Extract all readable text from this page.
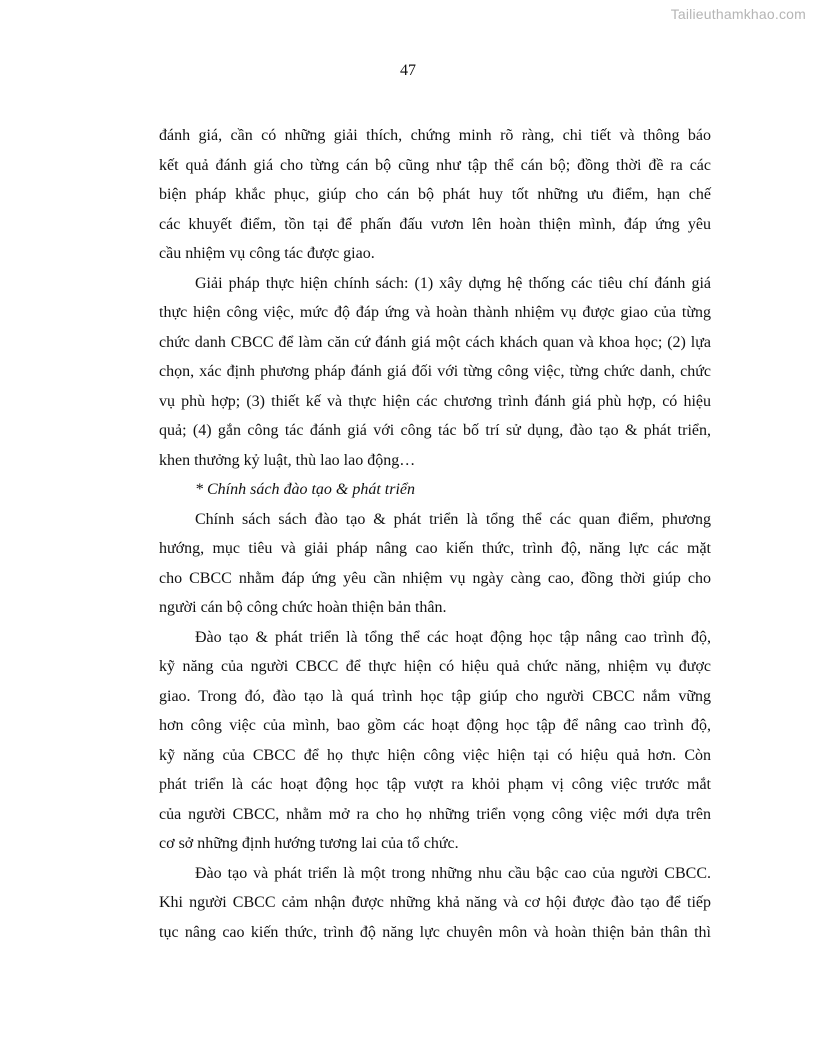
Tailieuthamkhao.com
47

đánh giá, cần có những giải thích, chứng minh rõ ràng, chi tiết và thông báo
kết quả đánh giá cho từng cán bộ cũng như tập thể cán bộ; đồng thời đề ra các
biện pháp khắc phục, giúp cho cán bộ phát huy tốt những ưu điểm, hạn chế
các khuyết điểm, tồn tại để phấn đấu vươn lên hoàn thiện mình, đáp ứng yêu
cầu nhiệm vụ công tác được giao.

Giải pháp thực hiện chính sách: (1) xây dựng hệ thống các tiêu chí đánh giá
thực hiện công việc, mức độ đáp ứng và hoàn thành nhiệm vụ được giao của từng
chức danh CBCC để làm căn cứ đánh giá một cách khách quan và khoa học; (2) lựa
chọn, xác định phương pháp đánh giá đối với từng công việc, từng chức danh, chức
vụ phù hợp; (3) thiết kế và thực hiện các chương trình đánh giá phù hợp, có hiệu
quả; (4) gắn công tác đánh giá với công tác bố trí sử dụng, đào tạo & phát triển,
khen thưởng kỷ luật, thù lao lao động…

* Chính sách đào tạo & phát triển

Chính sách sách đào tạo & phát triển là tổng thể các quan điểm, phương
hướng, mục tiêu và giải pháp nâng cao kiến thức, trình độ, năng lực các mặt
cho CBCC nhằm đáp ứng yêu cần nhiệm vụ ngày càng cao, đồng thời giúp cho
người cán bộ công chức hoàn thiện bản thân.

Đào tạo & phát triển là tổng thể các hoạt động học tập nâng cao trình độ,
kỹ năng của người CBCC để thực hiện có hiệu quả chức năng, nhiệm vụ được
giao. Trong đó, đào tạo là quá trình học tập giúp cho người CBCC nắm vững
hơn công việc của mình, bao gồm các hoạt động học tập để nâng cao trình độ,
kỹ năng của CBCC để họ thực hiện công việc hiện tại có hiệu quả hơn. Còn
phát triển là các hoạt động học tập vượt ra khỏi phạm vị công việc trước mắt
của người CBCC, nhằm mở ra cho họ những triển vọng công việc mới dựa trên
cơ sở những định hướng tương lai của tổ chức.

Đào tạo và phát triển là một trong những nhu cầu bậc cao của người CBCC.
Khi người CBCC cảm nhận được những khả năng và cơ hội được đào tạo để tiếp
tục nâng cao kiến thức, trình độ năng lực chuyên môn và hoàn thiện bản thân thì
